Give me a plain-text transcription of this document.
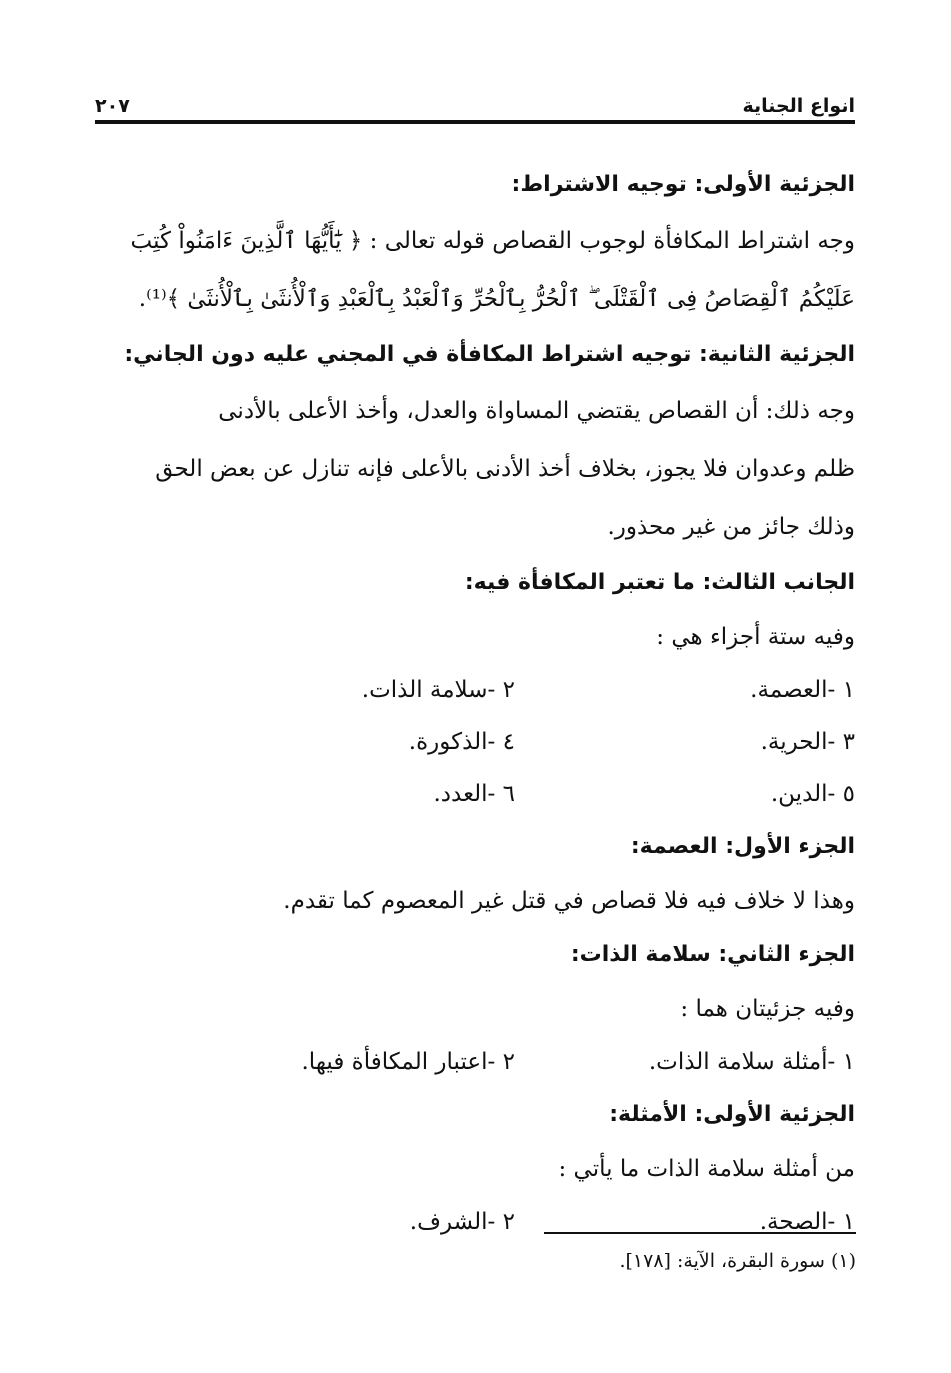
انواع الجناية
٢٠٧
الجزئية الأولى: توجيه الاشتراط:
وجه اشتراط المكافأة لوجوب القصاص قوله تعالى : ﴿ يَٰٓأَيُّهَا ٱلَّذِينَ ءَامَنُواْ كُتِبَ
عَلَيْكُمُ ٱلْقِصَاصُ فِى ٱلْقَتْلَى ۖ ٱلْحُرُّ بِٱلْحُرِّ وَٱلْعَبْدُ بِٱلْعَبْدِ وَٱلْأُنثَىٰ بِٱلْأُنثَىٰ ﴾⁽¹⁾.
الجزئية الثانية: توجيه اشتراط المكافأة في المجني عليه دون الجاني:
وجه ذلك: أن القصاص يقتضي المساواة والعدل، وأخذ الأعلى بالأدنى
ظلم وعدوان فلا يجوز، بخلاف أخذ الأدنى بالأعلى فإنه تنازل عن بعض الحق
وذلك جائز من غير محذور.
الجانب الثالث: ما تعتبر المكافأة فيه:
وفيه ستة أجزاء هي :
١ -العصمة.
٢ -سلامة الذات.
٣ -الحرية.
٤ -الذكورة.
٥ -الدين.
٦ -العدد.
الجزء الأول: العصمة:
وهذا لا خلاف فيه فلا قصاص في قتل غير المعصوم كما تقدم.
الجزء الثاني: سلامة الذات:
وفيه جزئيتان هما :
١ -أمثلة سلامة الذات.
٢ -اعتبار المكافأة فيها.
الجزئية الأولى: الأمثلة:
من أمثلة سلامة الذات ما يأتي :
١ -الصحة.
٢ -الشرف.
(١) سورة البقرة، الآية: [١٧٨].
